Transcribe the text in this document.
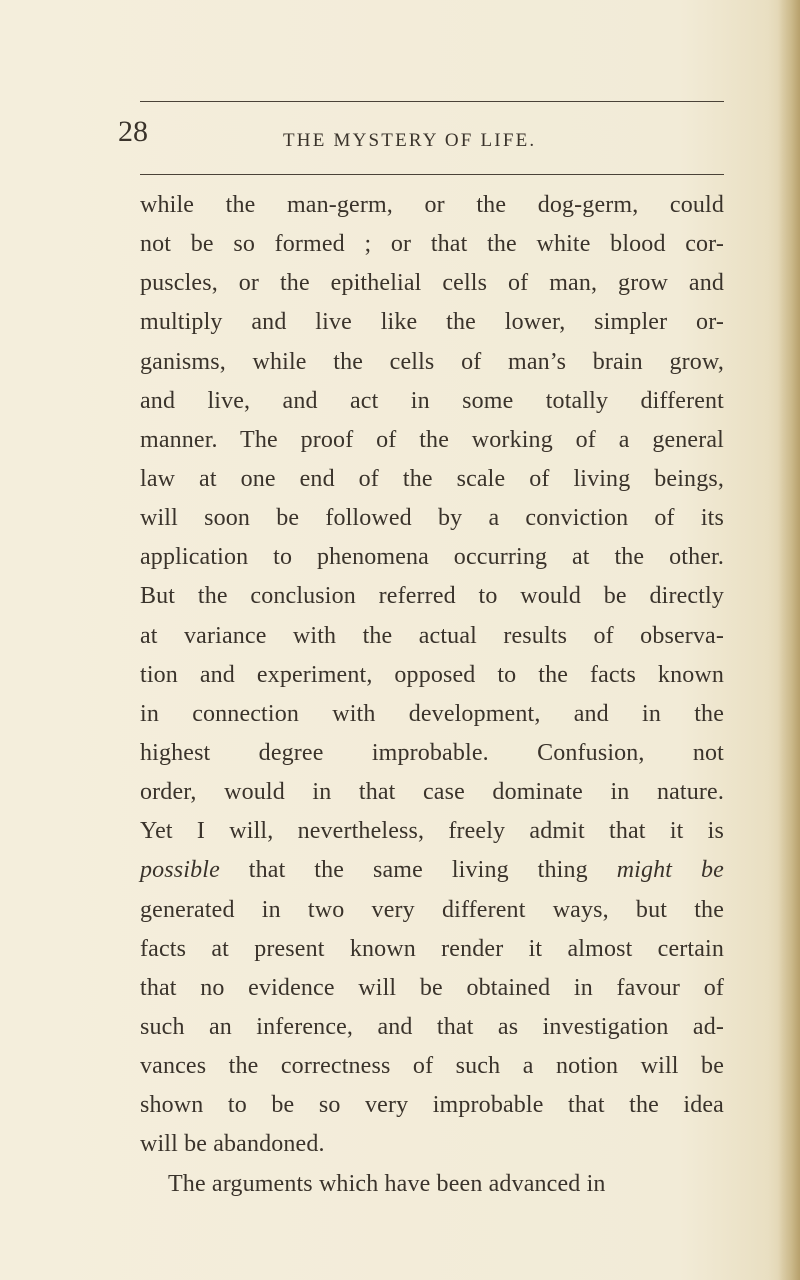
28	THE MYSTERY OF LIFE.
while the man-germ, or the dog-germ, could
not be so formed ; or that the white blood cor-
puscles, or the epithelial cells of man, grow and
multiply and live like the lower, simpler or-
ganisms, while the cells of man’s brain grow,
and live, and act in some totally different
manner. The proof of the working of a general
law at one end of the scale of living beings,
will soon be followed by a conviction of its
application to phenomena occurring at the other.
But the conclusion referred to would be directly
at variance with the actual results of observa-
tion and experiment, opposed to the facts known
in connection with development, and in the
highest degree improbable. Confusion, not
order, would in that case dominate in nature.
Yet I will, nevertheless, freely admit that it is
possible that the same living thing might be
generated in two very different ways, but the
facts at present known render it almost certain
that no evidence will be obtained in favour of
such an inference, and that as investigation ad-
vances the correctness of such a notion will be
shown to be so very improbable that the idea
will be abandoned.
The arguments which have been advanced in
